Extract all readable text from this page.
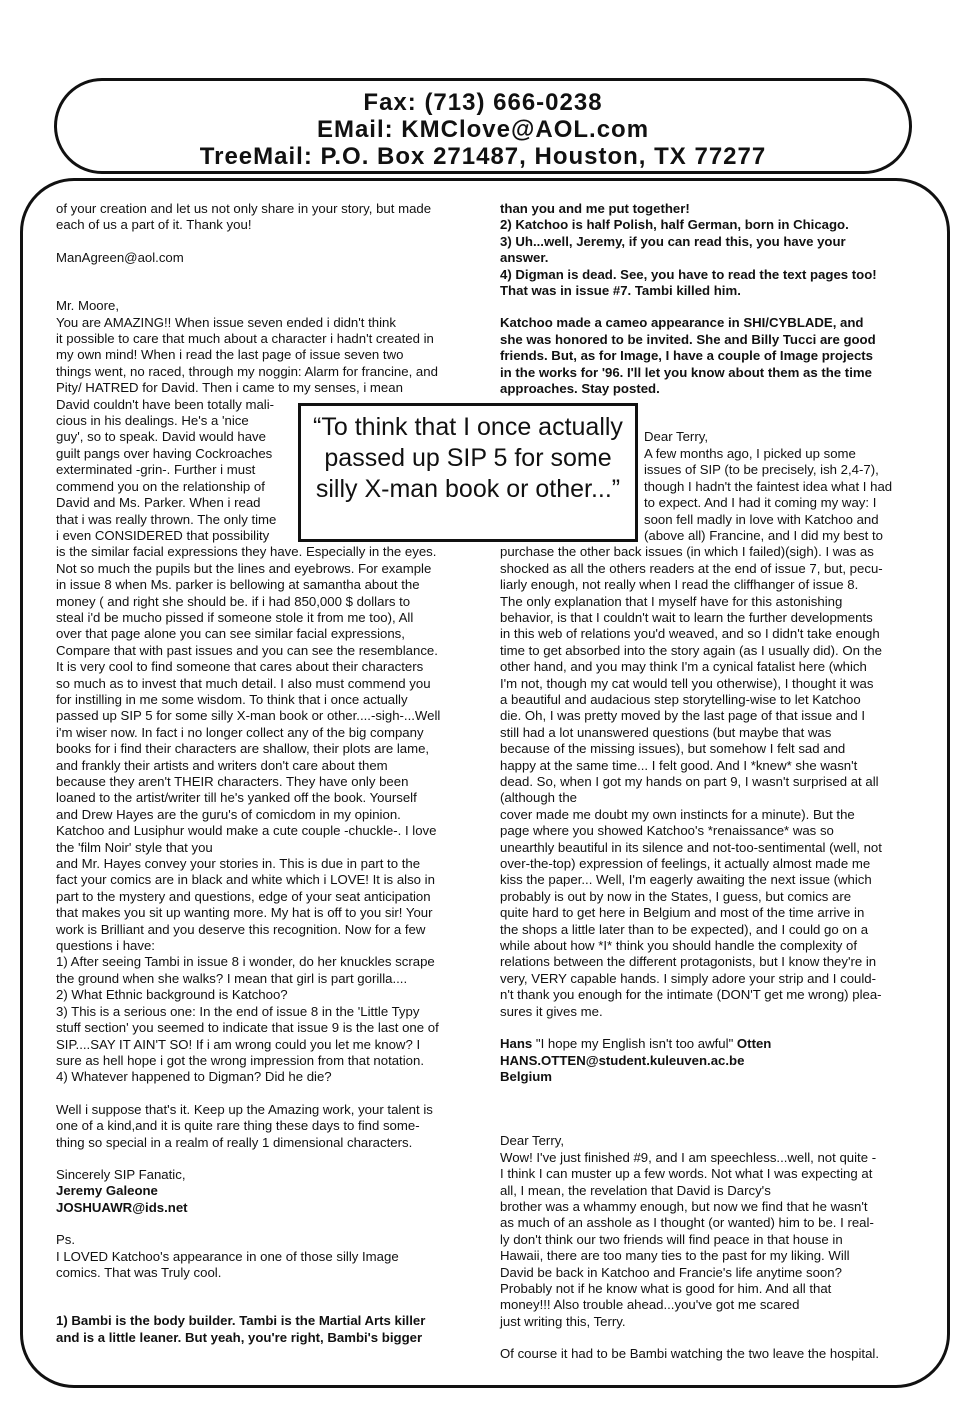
Fax: (713) 666-0238
EMail: KMClove@AOL.com
TreeMail: P.O. Box 271487, Houston, TX 77277

of your creation and let us not only share in your story, but made

each of us a part of it. Thank you!

ManAgreen@aol.com

Mr. Moore,

You are AMAZING!! When issue seven ended i didn't think

it possible to care that much about a character i hadn't created in

my own mind! When i read the last page of issue seven two

things went, no raced, through my noggin: Alarm for francine, and

Pity/ HATRED for David. Then i came to my senses, i mean

David couldn't have been totally mali-

cious in his dealings. He's a 'nice

guy', so to speak. David would have

guilt pangs over having Cockroaches

exterminated -grin-. Further i must

commend you on the relationship of

David and Ms. Parker. When i read

that i was really thrown. The only time

i even CONSIDERED that possibility

is the similar facial expressions they have. Especially in the eyes.

Not so much the pupils but the lines and eyebrows. For example

in issue 8 when Ms. parker is bellowing at samantha about the

money ( and right she should be. if i had 850,000 $ dollars to

steal i'd be mucho pissed if someone stole it from me too), All

over that page alone you can see similar facial expressions,

Compare that with past issues and you can see the resemblance.

It is very cool to find someone that cares about their characters

so much as to invest that much detail. I also must commend you

for instilling in me some wisdom. To think that i once actually

passed up SIP 5 for some silly X-man book or other....-sigh-...Well

i'm wiser now. In fact i no longer collect any of the big company

books for i find their characters are shallow, their plots are lame,

and frankly their artists and writers don't care about them

because they aren't THEIR characters. They have only been

loaned to the artist/writer till he's yanked off the book. Yourself

and Drew Hayes are the guru's of comicdom in my opinion.

Katchoo and Lusiphur would make a cute couple -chuckle-. I love

the 'film Noir' style that you

and Mr. Hayes convey your stories in. This is due in part to the

fact your comics are in black and white which i LOVE! It is also in

part to the mystery and questions, edge of your seat anticipation

that makes you sit up wanting more. My hat is off to you sir! Your

work is Brilliant and you deserve this recognition. Now for a few

questions i have:

1) After seeing Tambi in issue 8 i wonder, do her knuckles scrape

the ground when she walks? I mean that girl is part gorilla....

2) What Ethnic background is Katchoo?

3) This is a serious one: In the end of issue 8 in the 'Little Typy

stuff section' you seemed to indicate that issue 9 is the last one of

SIP....SAY IT AIN'T SO! If i am wrong could you let me know? I

sure as hell hope i got the wrong impression from that notation.

4) Whatever happened to Digman? Did he die?

Well i suppose that's it. Keep up the Amazing work, your talent is

one of a kind,and it is quite rare thing these days to find some-

thing so special in a realm of really 1 dimensional characters.

Sincerely SIP Fanatic,

Jeremy Galeone

JOSHUAWR@ids.net

Ps.

I LOVED Katchoo's appearance in one of those silly Image

comics. That was Truly cool.

1) Bambi is the body builder. Tambi is the Martial Arts killer

and is a little leaner. But yeah, you're right, Bambi's bigger

than you and me put together!

2) Katchoo is half Polish, half German, born in Chicago.

3) Uh...well, Jeremy, if you can read this, you have your

answer.

4) Digman is dead. See, you have to read the text pages too!

That was in issue #7. Tambi killed him.

Katchoo made a cameo appearance in SHI/CYBLADE, and

she was honored to be invited. She and Billy Tucci are good

friends. But, as for Image, I have a couple of Image projects

in the works for '96. I'll let you know about them as the time

approaches. Stay posted.

Dear Terry,

A few months ago, I picked up some

issues of SIP (to be precisely, ish 2,4-7),

though I hadn't the faintest idea what I had

to expect. And I had it coming my way: I

soon fell madly in love with Katchoo and

(above all) Francine, and I did my best to

purchase the other back issues (in which I failed)(sigh). I was as

shocked as all the others readers at the end of issue 7, but, pecu-

liarly enough, not really when I read the cliffhanger of issue 8.

The only explanation that I myself have for this astonishing

behavior, is that I couldn't wait to learn the further developments

in this web of relations you'd weaved, and so I didn't take enough

time to get absorbed into the story again (as I usually did). On the

other hand, and you may think I'm a cynical fatalist here (which

I'm not, though my cat would tell you otherwise), I thought it was

a beautiful and audacious step storytelling-wise to let Katchoo

die. Oh, I was pretty moved by the last page of that issue and I

still had a lot unanswered questions (but maybe that was

because of the missing issues), but somehow I felt sad and

happy at the same time... I felt good. And I *knew* she wasn't

dead. So, when I got my hands on part 9, I wasn't surprised at all

(although the

cover made me doubt my own instincts for a minute). But the

page where you showed Katchoo's *renaissance* was so

unearthly beautiful in its silence and not-too-sentimental (well, not

over-the-top) expression of feelings, it actually almost made me

kiss the paper... Well, I'm eagerly awaiting the next issue (which

probably is out by now in the States, I guess, but comics are

quite hard to get here in Belgium and most of the time arrive in

the shops a little later than to be expected), and I could go on a

while about how *I* think you should handle the complexity of

relations between the different protagonists, but I know they're in

very, VERY capable hands. I simply adore your strip and I could-

n't thank you enough for the intimate (DON'T get me wrong) plea-

sures it gives me.

Hans "I hope my English isn't too awful" Otten

HANS.OTTEN@student.kuleuven.ac.be

Belgium

Dear Terry,

Wow! I've just finished #9, and I am speechless...well, not quite -

I think I can muster up a few words. Not what I was expecting at

all, I mean, the revelation that David is Darcy's

brother was a whammy enough, but now we find that he wasn't

as much of an asshole as I thought (or wanted) him to be. I real-

ly don't think our two friends will find peace in that house in

Hawaii, there are too many ties to the past for my liking. Will

David be back in Katchoo and Francie's life anytime soon?

Probably not if he know what is good for him. And all that

money!!! Also trouble ahead...you've got me scared

just writing this, Terry.

Of course it had to be Bambi watching the two leave the hospital.

“To think that I once actually passed up SIP 5 for some silly X-man book or other...”
